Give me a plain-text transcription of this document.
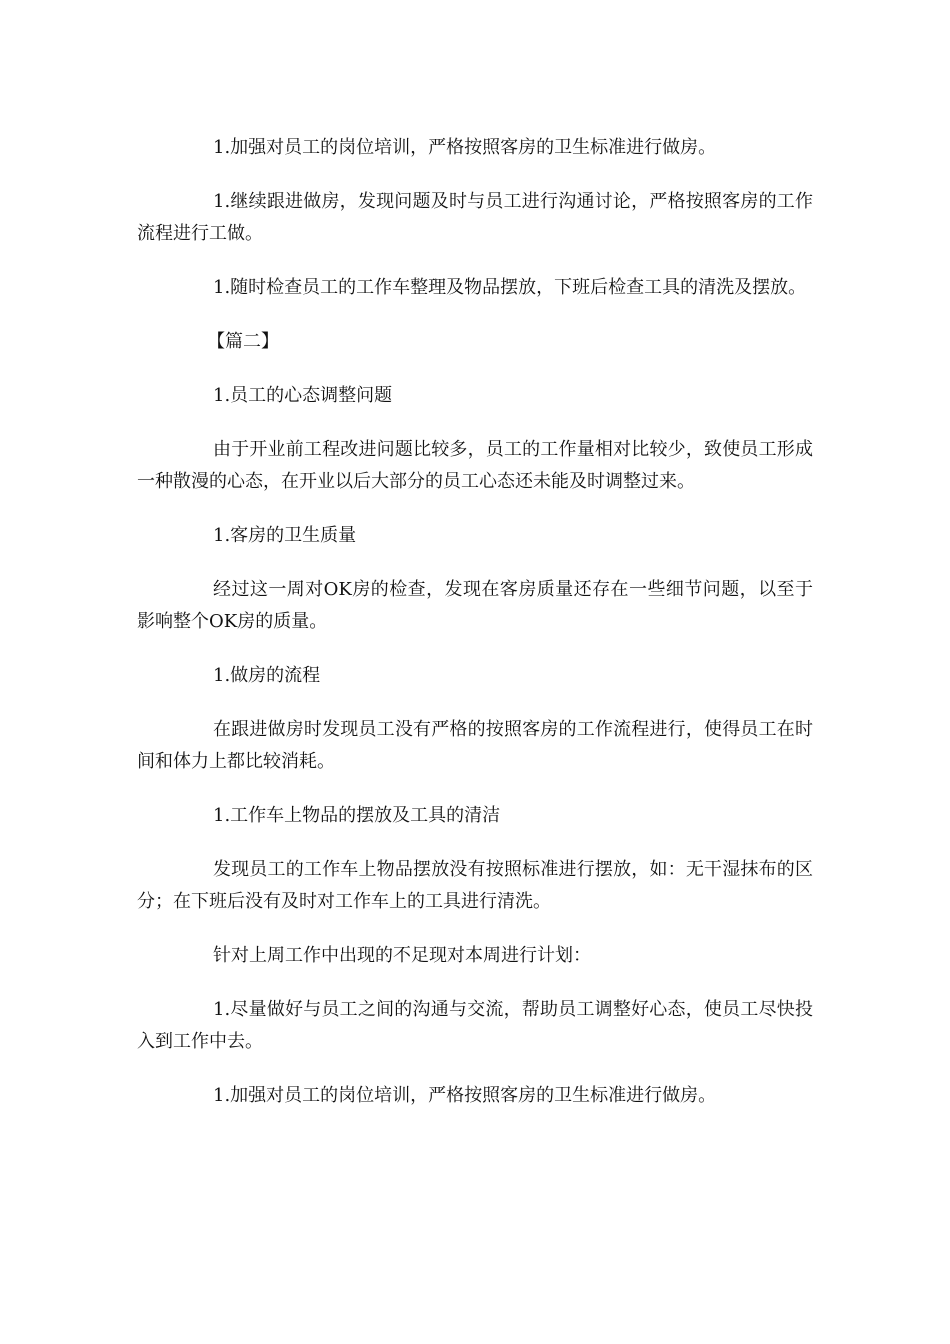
1.加强对员工的岗位培训，严格按照客房的卫生标准进行做房。

1.继续跟进做房，发现问题及时与员工进行沟通讨论，严格按照客房的工作流程进行工做。

1.随时检查员工的工作车整理及物品摆放，下班后检查工具的清洗及摆放。

【篇二】

1.员工的心态调整问题

由于开业前工程改进问题比较多，员工的工作量相对比较少，致使员工形成一种散漫的心态，在开业以后大部分的员工心态还未能及时调整过来。

1.客房的卫生质量

经过这一周对OK房的检查，发现在客房质量还存在一些细节问题，以至于影响整个OK房的质量。

1.做房的流程

在跟进做房时发现员工没有严格的按照客房的工作流程进行，使得员工在时间和体力上都比较消耗。

1.工作车上物品的摆放及工具的清洁

发现员工的工作车上物品摆放没有按照标准进行摆放，如：无干湿抹布的区分；在下班后没有及时对工作车上的工具进行清洗。

针对上周工作中出现的不足现对本周进行计划：

1.尽量做好与员工之间的沟通与交流，帮助员工调整好心态，使员工尽快投入到工作中去。

1.加强对员工的岗位培训，严格按照客房的卫生标准进行做房。
